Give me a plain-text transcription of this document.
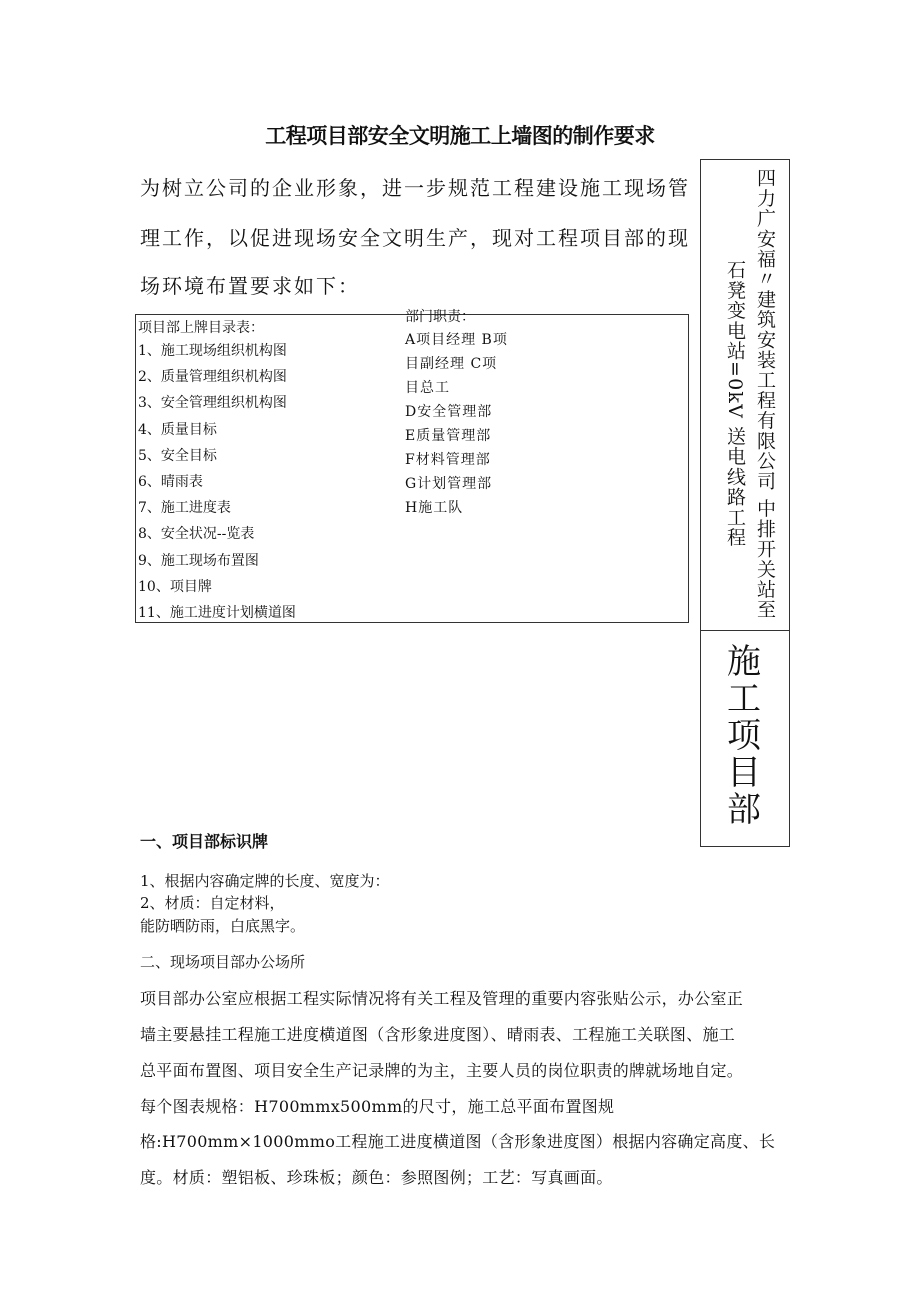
工程项目部安全文明施工上墙图的制作要求
为树立公司的企业形象，进一步规范工程建设施工现场管
理工作，以促进现场安全文明生产，现对工程项目部的现
场环境布置要求如下：
项目部上牌目录表：
1、施工现场组织机构图
2、质量管理组织机构图
3、安全管理组织机构图
4、质量目标
5、安全目标
6、晴雨表
7、施工进度表
8、安全状况--览表
9、施工现场布置图
10、项目牌
11、施工进度计划横道图
部门职责：
A项目经理 B项
目副经理 C项
目总工
D安全管理部
E质量管理部
F材料管理部
G计划管理部
H施工队	四力广安福〃建筑安装工程有限公司 中排开关站至
石凳变电站=0kV 送电线路工程
施
工
项
目
部
一、项目部标识牌
1、根据内容确定牌的长度、宽度为：
2、材质：自定材料，
能防晒防雨，白底黑字。
二、现场项目部办公场所
项目部办公室应根据工程实际情况将有关工程及管理的重要内容张贴公示，办公室正
墙主要悬挂工程施工进度横道图（含形象进度图）、晴雨表、工程施工关联图、施工
总平面布置图、项目安全生产记录牌的为主，主要人员的岗位职责的牌就场地自定。
每个图表规格：H700mmx500mm的尺寸，施工总平面布置图规
格:H700mm×1000mmo工程施工进度横道图（含形象进度图）根据内容确定高度、长
度。材质：塑铝板、珍珠板；颜色：参照图例；工艺：写真画面。
